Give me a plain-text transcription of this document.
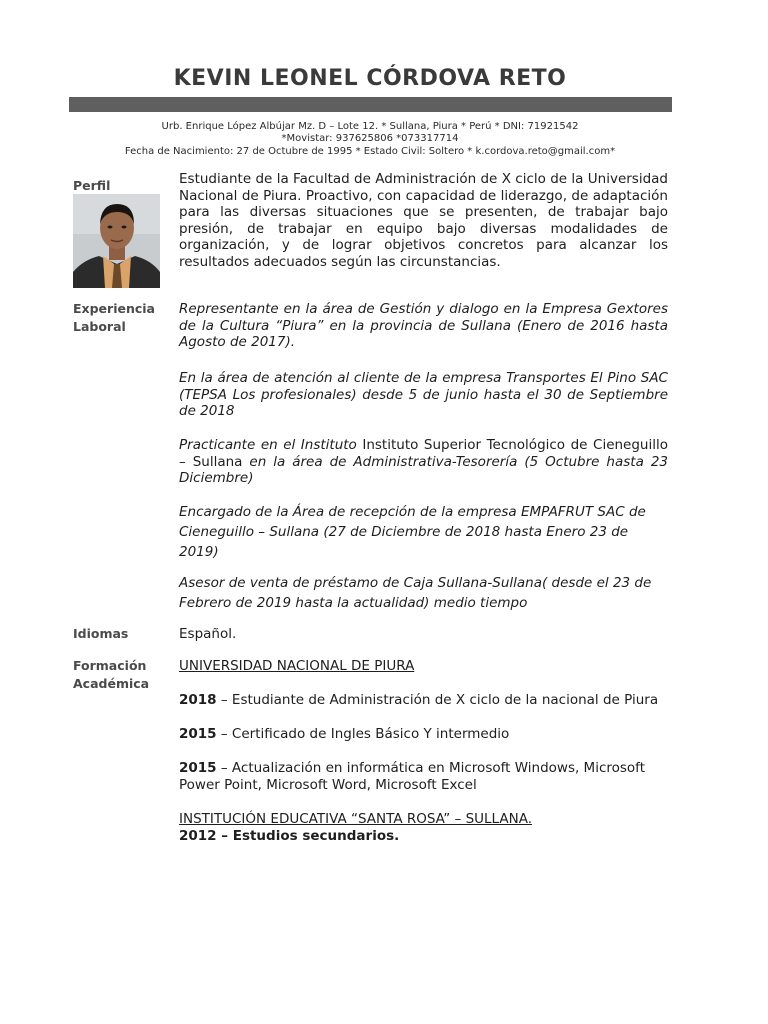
KEVIN LEONEL CÓRDOVA RETO
Urb. Enrique López Albújar Mz. D – Lote 12. * Sullana, Piura * Perú * DNI: 71921542
*Movistar: 937625806 *073317714
Fecha de Nacimiento: 27 de Octubre de 1995 * Estado Civil: Soltero * k.cordova.reto@gmail.com*
Perfil	Estudiante de la Facultad de Administración de X ciclo de la Universidad Nacional de Piura. Proactivo, con capacidad de liderazgo, de adaptación para las diversas situaciones que se presenten, de trabajar bajo presión, de trabajar en equipo bajo diversas modalidades de organización, y de lograr objetivos concretos para alcanzar los resultados adecuados según las circunstancias.
Experiencia
Laboral
Representante en la área de Gestión y dialogo en la Empresa Gextores de la Cultura “Piura” en la provincia de Sullana (Enero de 2016 hasta Agosto de 2017).
En la área de atención al cliente de la empresa Transportes El Pino SAC (TEPSA Los profesionales) desde 5 de junio hasta el 30 de Septiembre de 2018
Practicante en el Instituto Instituto Superior Tecnológico de Cieneguillo – Sullana en la área de Administrativa-Tesorería (5 Octubre hasta 23 Diciembre)
Encargado de la Área de recepción de la empresa EMPAFRUT SAC de Cieneguillo – Sullana (27 de Diciembre de 2018 hasta Enero 23 de 2019)
Asesor de venta de préstamo de Caja Sullana-Sullana( desde el 23 de Febrero de 2019 hasta la actualidad) medio tiempo
Idiomas	Español.
Formación
Académica
UNIVERSIDAD NACIONAL DE PIURA
2018 – Estudiante de Administración de X ciclo de la nacional de Piura
2015 – Certificado de Ingles Básico Y intermedio
2015 – Actualización en informática en Microsoft Windows, Microsoft Power Point, Microsoft Word, Microsoft Excel
INSTITUCIÓN EDUCATIVA “SANTA ROSA” – SULLANA.
2012 – Estudios secundarios.
